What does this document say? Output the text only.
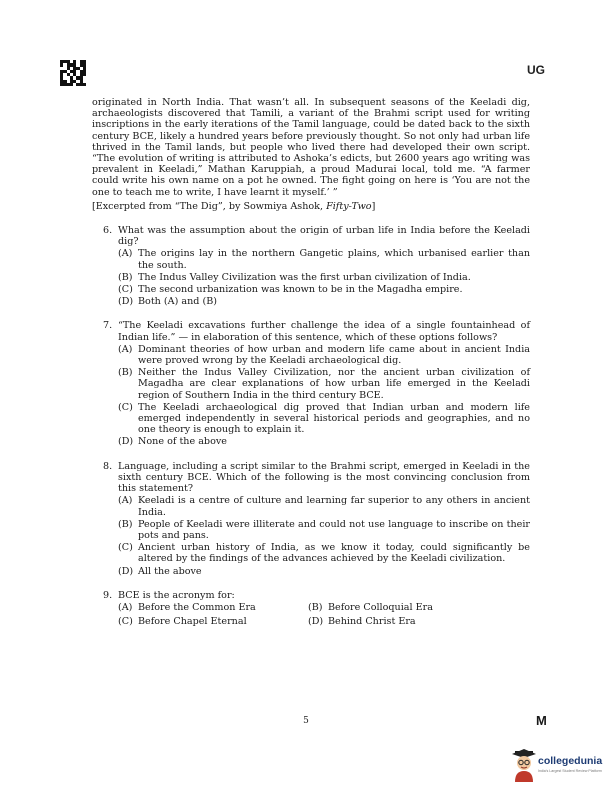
UG

originated in North India. That wasn’t all. In subsequent seasons of the Keeladi dig, archaeologists discovered that Tamili, a variant of the Brahmi script used for writing inscriptions in the early iterations of the Tamil language, could be dated back to the sixth century BCE, likely a hundred years before previously thought. So not only had urban life thrived in the Tamil lands, but people who lived there had developed their own script. “The evolution of writing is attributed to Ashoka’s edicts, but 2600 years ago writing was prevalent in Keeladi,” Mathan Karuppiah, a proud Madurai local, told me. “A farmer could write his own name on a pot he owned. The fight going on here is ‘You are not the one to teach me to write, I have learnt it myself.’ ”

[Excerpted from “The Dig”, by Sowmiya Ashok, Fifty-Two]

6. What was the assumption about the origin of urban life in India before the Keeladi dig?
(A) The origins lay in the northern Gangetic plains, which urbanised earlier than the south.
(B) The Indus Valley Civilization was the first urban civilization of India.
(C) The second urbanization was known to be in the Magadha empire.
(D) Both (A) and (B)
7. “The Keeladi excavations further challenge the idea of a single fountainhead of Indian life.” — in elaboration of this sentence, which of these options follows?
(A) Dominant theories of how urban and modern life came about in ancient India were proved wrong by the Keeladi archaeological dig.
(B) Neither the Indus Valley Civilization, nor the ancient urban civilization of Magadha are clear explanations of how urban life emerged in the Keeladi region of Southern India in the third century BCE.
(C) The Keeladi archaeological dig proved that Indian urban and modern life emerged independently in several historical periods and geographies, and no one theory is enough to explain it.
(D) None of the above
8. Language, including a script similar to the Brahmi script, emerged in Keeladi in the sixth century BCE. Which of the following is the most convincing conclusion from this statement?
(A) Keeladi is a centre of culture and learning far superior to any others in ancient India.
(B) People of Keeladi were illiterate and could not use language to inscribe on their pots and pans.
(C) Ancient urban history of India, as we know it today, could significantly be altered by the findings of the advances achieved by the Keeladi civilization.
(D) All the above
9. BCE is the acronym for:
(A) Before the Common Era	(B) Before Colloquial Era
(C) Before Chapel Eternal	(D) Behind Christ Era
5	M
collegedunia
India's Largest Student Review Platform
